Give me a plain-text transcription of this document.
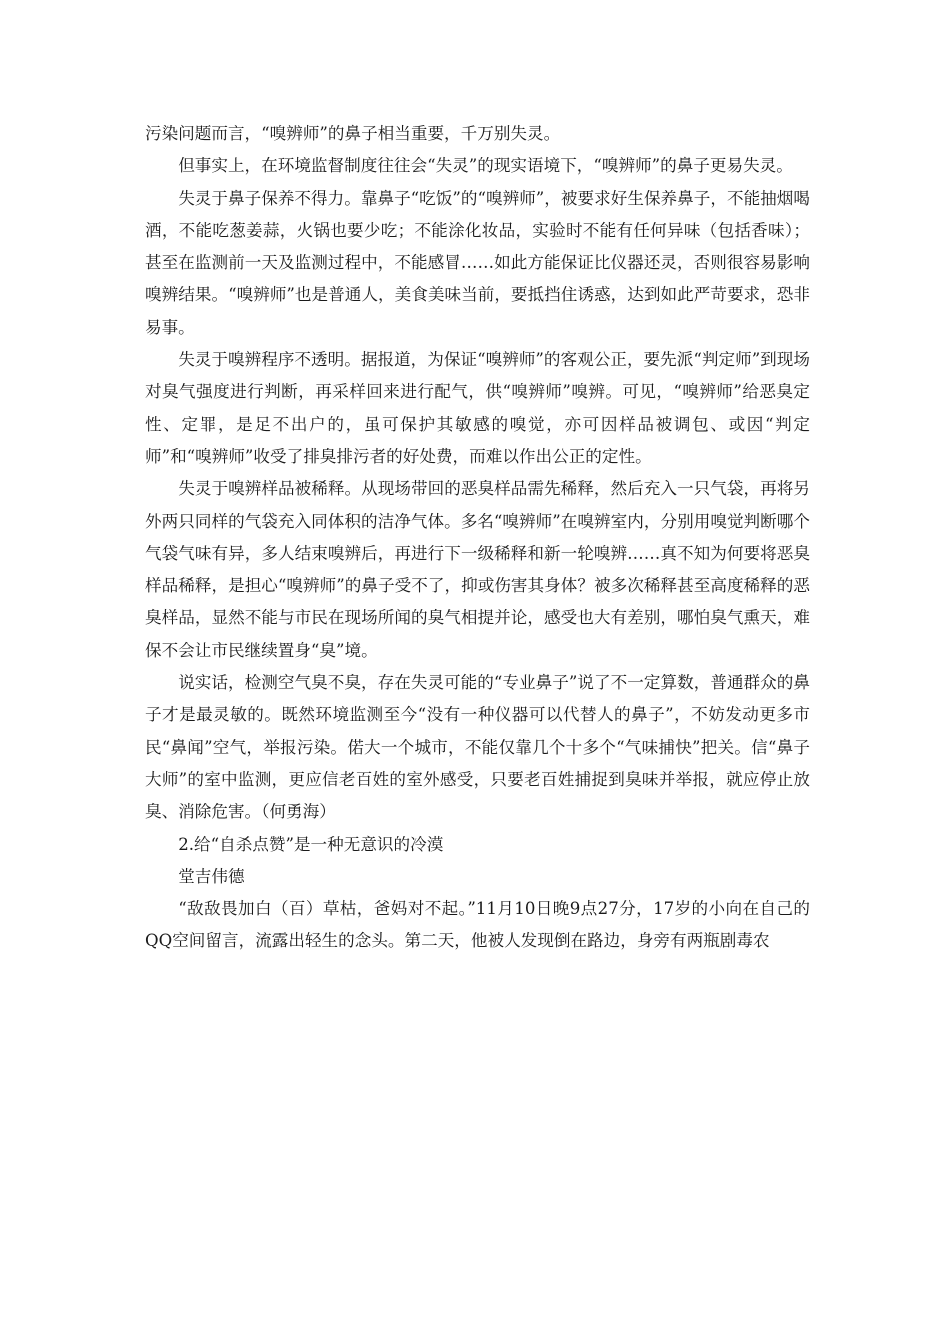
污染问题而言，“嗅辨师”的鼻子相当重要，千万别失灵。

但事实上，在环境监督制度往往会“失灵”的现实语境下，“嗅辨师”的鼻子更易失灵。

失灵于鼻子保养不得力。靠鼻子“吃饭”的“嗅辨师”，被要求好生保养鼻子，不能抽烟喝酒，不能吃葱姜蒜，火锅也要少吃；不能涂化妆品，实验时不能有任何异味（包括香味）；甚至在监测前一天及监测过程中，不能感冒……如此方能保证比仪器还灵，否则很容易影响嗅辨结果。“嗅辨师”也是普通人，美食美味当前，要抵挡住诱惑，达到如此严苛要求，恐非易事。

失灵于嗅辨程序不透明。据报道，为保证“嗅辨师”的客观公正，要先派“判定师”到现场对臭气强度进行判断，再采样回来进行配气，供“嗅辨师”嗅辨。可见，“嗅辨师”给恶臭定性、定罪，是足不出户的，虽可保护其敏感的嗅觉，亦可因样品被调包、或因“判定师”和“嗅辨师”收受了排臭排污者的好处费，而难以作出公正的定性。

失灵于嗅辨样品被稀释。从现场带回的恶臭样品需先稀释，然后充入一只气袋，再将另外两只同样的气袋充入同体积的洁净气体。多名“嗅辨师”在嗅辨室内，分别用嗅觉判断哪个气袋气味有异，多人结束嗅辨后，再进行下一级稀释和新一轮嗅辨……真不知为何要将恶臭样品稀释，是担心“嗅辨师”的鼻子受不了，抑或伤害其身体？被多次稀释甚至高度稀释的恶臭样品，显然不能与市民在现场所闻的臭气相提并论，感受也大有差别，哪怕臭气熏天，难保不会让市民继续置身“臭”境。

说实话，检测空气臭不臭，存在失灵可能的“专业鼻子”说了不一定算数，普通群众的鼻子才是最灵敏的。既然环境监测至今“没有一种仪器可以代替人的鼻子”，不妨发动更多市民“鼻闻”空气，举报污染。偌大一个城市，不能仅靠几个十多个“气味捕快”把关。信“鼻子大师”的室中监测，更应信老百姓的室外感受，只要老百姓捕捉到臭味并举报，就应停止放臭、消除危害。（何勇海）

2.给“自杀点赞”是一种无意识的冷漠

堂吉伟德

“敌敌畏加白（百）草枯，爸妈对不起。”11月10日晚9点27分，17岁的小向在自己的QQ空间留言，流露出轻生的念头。第二天，他被人发现倒在路边，身旁有两瓶剧毒农
